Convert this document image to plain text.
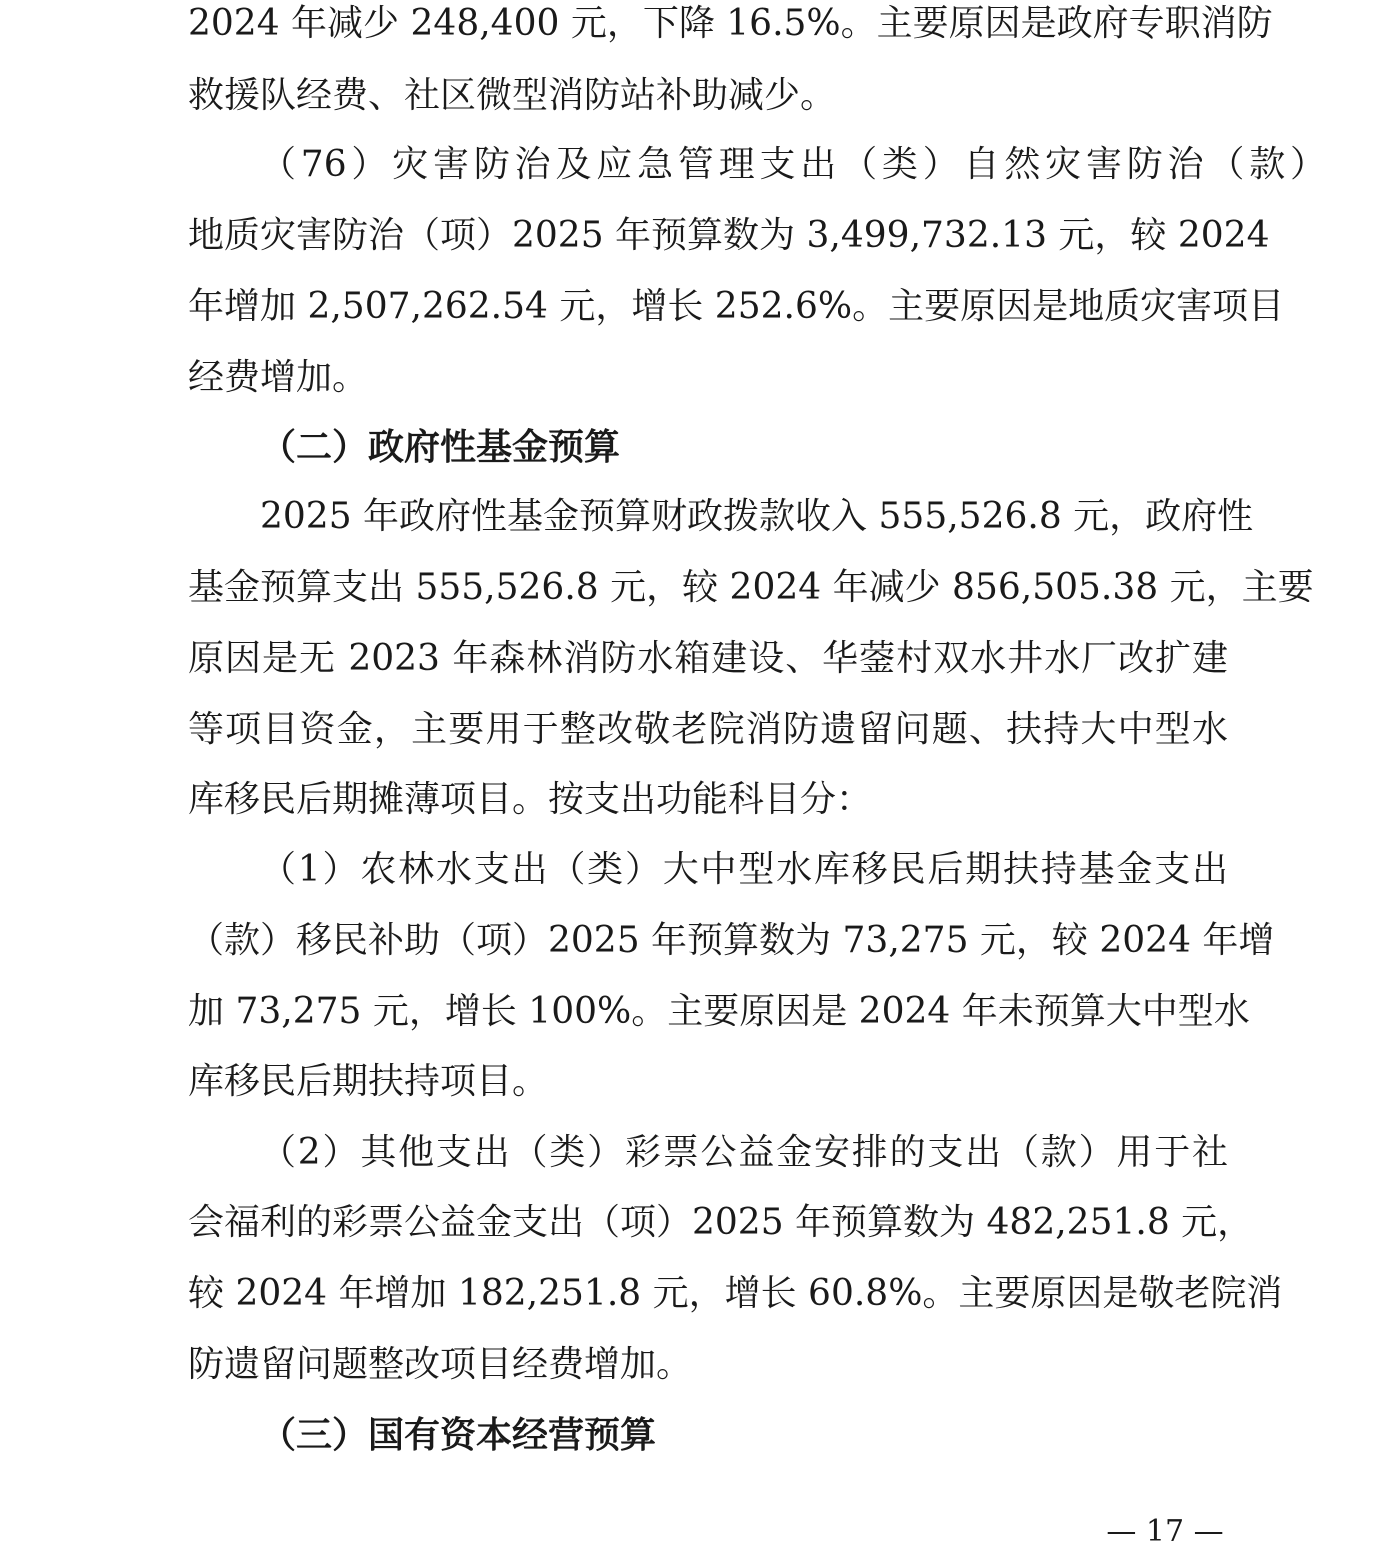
2024 年减少 248,400 元，下降 16.5%。主要原因是政府专职消防
救援队经费、社区微型消防站补助减少。
（76）灾害防治及应急管理支出（类）自然灾害防治（款）
地质灾害防治（项）2025 年预算数为 3,499,732.13 元，较 2024
年增加 2,507,262.54 元，增长 252.6%。主要原因是地质灾害项目
经费增加。
（二）政府性基金预算
2025 年政府性基金预算财政拨款收入 555,526.8 元，政府性
基金预算支出 555,526.8 元，较 2024 年减少 856,505.38 元，主要
原因是无 2023 年森林消防水箱建设、华蓥村双水井水厂改扩建
等项目资金，主要用于整改敬老院消防遗留问题、扶持大中型水
库移民后期摊薄项目。按支出功能科目分：
（1）农林水支出（类）大中型水库移民后期扶持基金支出
（款）移民补助（项）2025 年预算数为 73,275 元，较 2024 年增
加 73,275 元，增长 100%。主要原因是 2024 年未预算大中型水
库移民后期扶持项目。
（2）其他支出（类）彩票公益金安排的支出（款）用于社
会福利的彩票公益金支出（项）2025 年预算数为 482,251.8 元，
较 2024 年增加 182,251.8 元，增长 60.8%。主要原因是敬老院消
防遗留问题整改项目经费增加。
（三）国有资本经营预算
— 17 —
